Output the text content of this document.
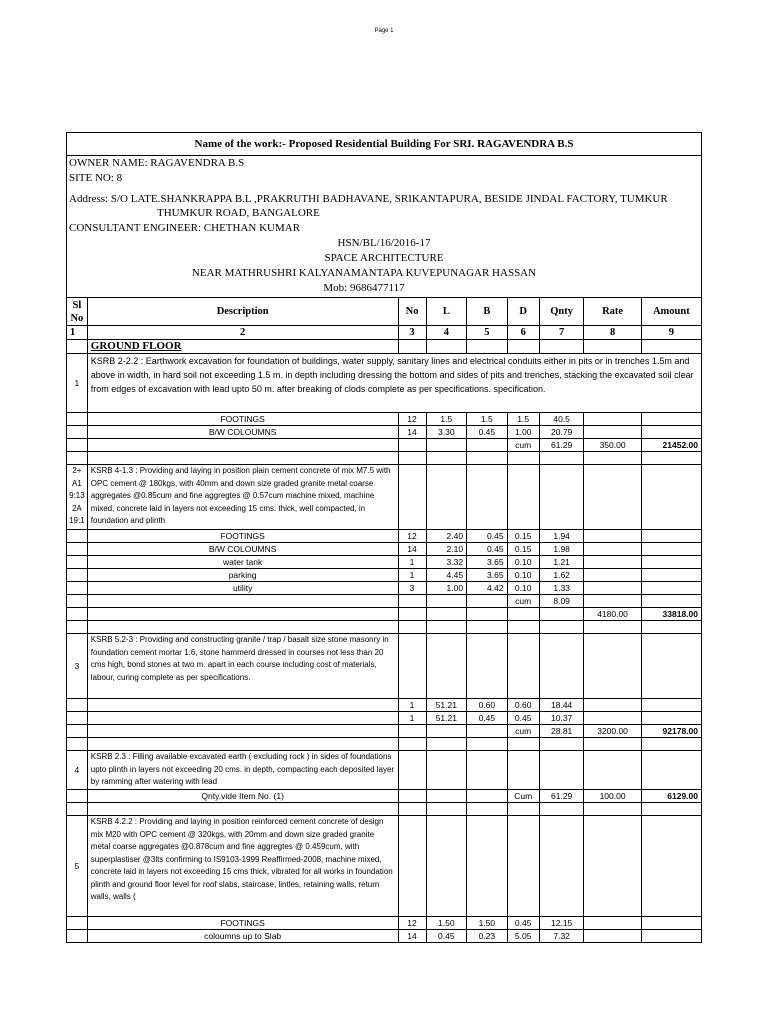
Page 1
Name of the work:- Proposed Residential Building For SRI. RAGAVENDRA B.S
OWNER NAME: RAGAVENDRA B.S
SITE NO: 8
Address: S/O LATE.SHANKRAPPA B.L ,PRAKRUTHI BADHAVANE, SRIKANTAPURA, BESIDE JINDAL FACTORY, TUMKUR
THUMKUR ROAD, BANGALORE
CONSULTANT ENGINEER: CHETHAN KUMAR
HSN/BL/16/2016-17
SPACE ARCHITECTURE
NEAR MATHRUSHRI KALYANAMANTAPA KUVEPUNAGAR HASSAN
Mob: 9686477117
Sl No	Description	No	L	B	D	Qnty	Rate	Amount
1	2	3	4	5	6	7	8	9
	GROUND FLOOR							
1	KSRB 2-2.2 : Earthwork excavation for foundation of buildings, water supply, sanitary lines and electrical conduits either in pits or in trenches 1.5m and above in width, in hard soil not exceeding 1.5 m. in depth including dressing the bottom and sides of pits and trenches, stacking the excavated soil clear from edges of excavation with lead upto 50 m. after breaking of clods complete as per specifications. specification.							
	FOOTINGS	12	1.5	1.5	1.5	40.5		
	B/W COLOUMNS	14	3.30	0.45	1.00	20.79		
					cum	61.29	350.00	21452.00

2+ A1 9:13 2A 19:1	KSRB 4-1.3 : Providing and laying in position plain cement concrete of mix M7.5 with OPC cement @ 180kgs, with 40mm and down size graded granite metal coarse aggregates @0.85cum and fine aggregtes @ 0.57cum machine mixed, machine mixed, concrete laid in layers not exceeding 15 cms. thick, well compacted, in foundation and plinth							
	FOOTINGS	12	2.40	0.45	0.15	1.94		
	B/W COLOUMNS	14	2.10	0.45	0.15	1.98		
	water tank	1	3.32	3.65	0.10	1.21		
	parking	1	4.45	3.65	0.10	1.62		
	utility	3	1.00	4.42	0.10	1.33		
					cum	8.09		
							4180.00	33818.00

3	KSRB 5.2-3 : Providing and constructing granite / trap / basalt size stone masonry in foundation cement mortar 1:6, stone hammerd dressed in courses not less than 20 cms high, bond stones at two m. apart in each course including cost of materials, labour, curing complete as per specifications.							
		1	51.21	0.60	0.60	18.44		
		1	51.21	0.45	0.45	10.37		
					cum	28.81	3200.00	92178.00

4	KSRB 2.3 : Filling available excavated earth ( excluding rock ) in sides of foundations upto plinth in layers not exceeding 20 cms. in depth, compacting each deposited layer by ramming after watering with lead							
	Qnty.vide Item No. (1)				Cum	61.29	100.00	6129.00

5	KSRB 4.2.2 : Providing and laying in position reinforced cement concrete of design mix M20 with OPC cement @ 320kgs, with 20mm and down size graded granite metal coarse aggregates @0.878cum and fine aggregtes @ 0.459cum, with superplastiser @3lts confirming to IS9103-1999 Reaffirmed-2008, machine mixed, concrete laid in layers not exceeding 15 cms thick, vibrated for all works in foundation plinth and ground floor level for roof slabs, staircase, lintles, retaining walls, return walls, walls (							
	FOOTINGS	12	1.50	1.50	0.45	12.15		
	coloumns up to Slab	14	0.45	0.23	5.05	7.32		
